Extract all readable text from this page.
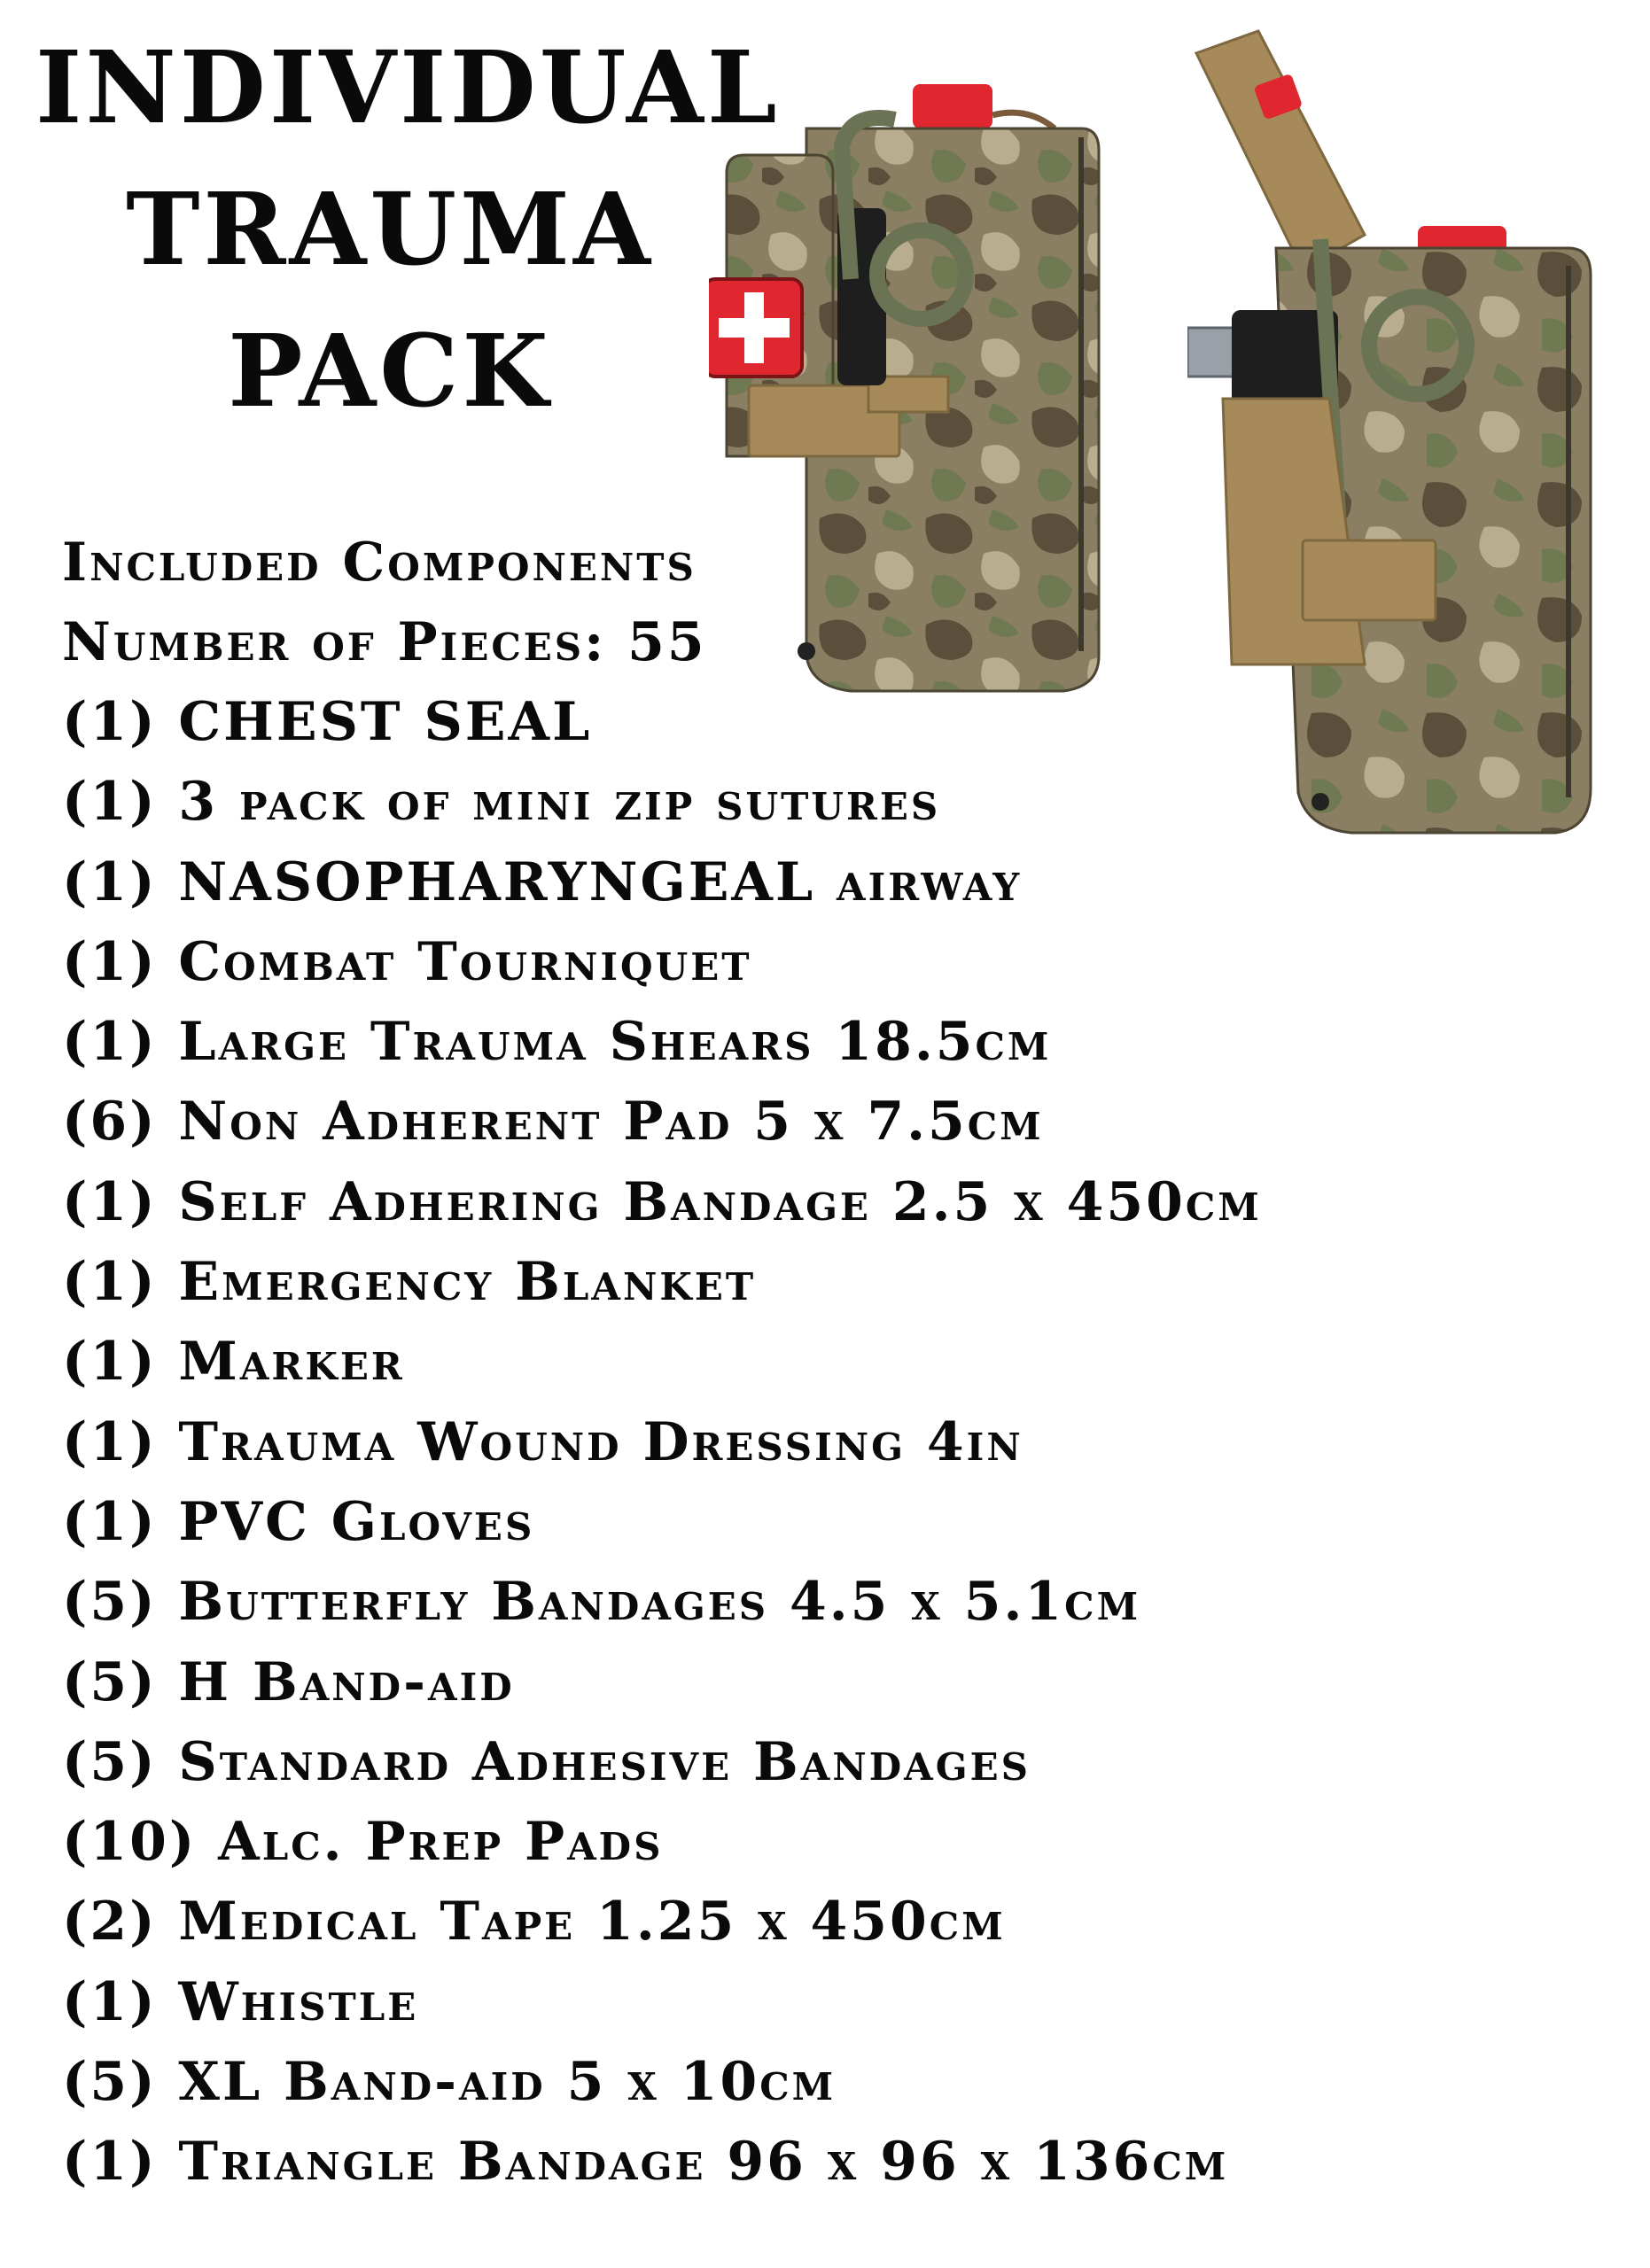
INDIVIDUAL
TRAUMA
PACK
Included Components
Number of Pieces: 55
(1) CHEST SEAL
(1) 3 pack of mini zip sutures
(1) NASOPHARYNGEAL airway
(1) Combat Tourniquet
(1) Large Trauma Shears 18.5cm
(6) Non Adherent Pad 5 x 7.5cm
(1) Self Adhering Bandage 2.5 x 450cm
(1) Emergency Blanket
(1) Marker
(1) Trauma Wound Dressing 4in
(1) PVC Gloves
(5) Butterfly Bandages 4.5 x 5.1cm
(5) H Band-aid
(5) Standard Adhesive Bandages
(10) Alc. Prep Pads
(2) Medical Tape 1.25 x 450cm
(1) Whistle
(5) XL Band-aid 5 x 10cm
(1) Triangle Bandage 96 x 96 x 136cm
